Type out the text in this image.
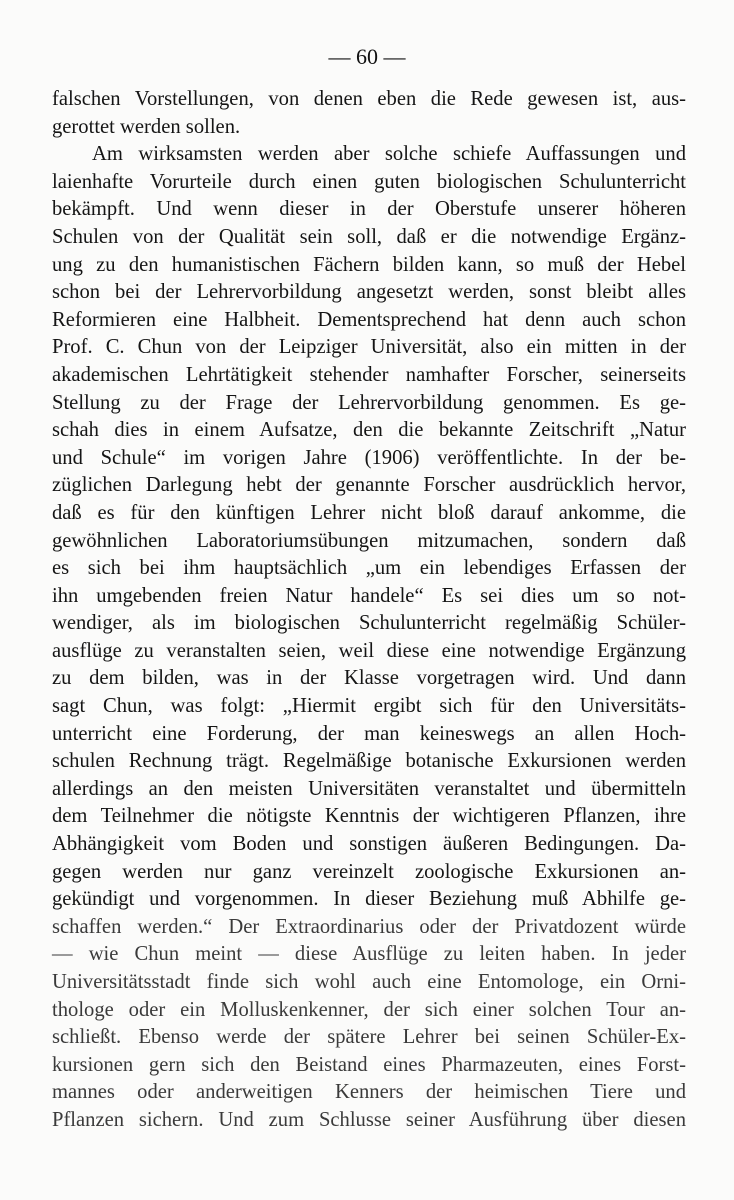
— 60 —
falschen Vorstellungen, von denen eben die Rede gewesen ist, aus-
gerottet werden sollen.
Am wirksamsten werden aber solche schiefe Auffassungen und
laienhafte Vorurteile durch einen guten biologischen Schulunterricht
bekämpft. Und wenn dieser in der Oberstufe unserer höheren
Schulen von der Qualität sein soll, daß er die notwendige Ergänz-
ung zu den humanistischen Fächern bilden kann, so muß der Hebel
schon bei der Lehrervorbildung angesetzt werden, sonst bleibt alles
Reformieren eine Halbheit. Dementsprechend hat denn auch schon
Prof. C. Chun von der Leipziger Universität, also ein mitten in der
akademischen Lehrtätigkeit stehender namhafter Forscher, seinerseits
Stellung zu der Frage der Lehrervorbildung genommen. Es ge-
schah dies in einem Aufsatze, den die bekannte Zeitschrift „Natur
und Schule“ im vorigen Jahre (1906) veröffentlichte. In der be-
züglichen Darlegung hebt der genannte Forscher ausdrücklich hervor,
daß es für den künftigen Lehrer nicht bloß darauf ankomme, die
gewöhnlichen Laboratoriumsübungen mitzumachen, sondern daß
es sich bei ihm hauptsächlich „um ein lebendiges Erfassen der
ihn umgebenden freien Natur handele“ Es sei dies um so not-
wendiger, als im biologischen Schulunterricht regelmäßig Schüler-
ausflüge zu veranstalten seien, weil diese eine notwendige Ergänzung
zu dem bilden, was in der Klasse vorgetragen wird. Und dann
sagt Chun, was folgt: „Hiermit ergibt sich für den Universitäts-
unterricht eine Forderung, der man keineswegs an allen Hoch-
schulen Rechnung trägt. Regelmäßige botanische Exkursionen werden
allerdings an den meisten Universitäten veranstaltet und übermitteln
dem Teilnehmer die nötigste Kenntnis der wichtigeren Pflanzen, ihre
Abhängigkeit vom Boden und sonstigen äußeren Bedingungen. Da-
gegen werden nur ganz vereinzelt zoologische Exkursionen an-
gekündigt und vorgenommen. In dieser Beziehung muß Abhilfe ge-
schaffen werden.“ Der Extraordinarius oder der Privatdozent würde
— wie Chun meint — diese Ausflüge zu leiten haben. In jeder
Universitätsstadt finde sich wohl auch eine Entomologe, ein Orni-
thologe oder ein Molluskenkenner, der sich einer solchen Tour an-
schließt. Ebenso werde der spätere Lehrer bei seinen Schüler-Ex-
kursionen gern sich den Beistand eines Pharmazeuten, eines Forst-
mannes oder anderweitigen Kenners der heimischen Tiere und
Pflanzen sichern. Und zum Schlusse seiner Ausführung über diesen
